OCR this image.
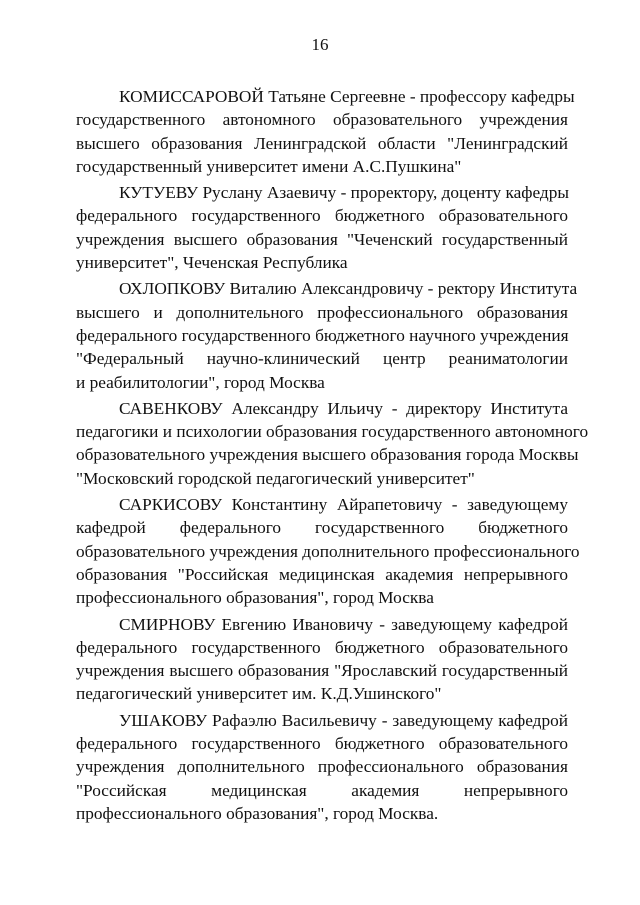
16
КОМИССАРОВОЙ Татьяне Сергеевне - профессору кафедры
государственного автономного образовательного учреждения
высшего образования Ленинградской области "Ленинградский
государственный университет имени А.С.Пушкина"
КУТУЕВУ Руслану Азаевичу - проректору, доценту кафедры
федерального государственного бюджетного образовательного
учреждения высшего образования "Чеченский государственный
университет", Чеченская Республика
ОХЛОПКОВУ Виталию Александровичу - ректору Института
высшего и дополнительного профессионального образования
федерального государственного бюджетного научного учреждения
"Федеральный научно-клинический центр реаниматологии
и реабилитологии", город Москва
САВЕНКОВУ Александру Ильичу - директору Института
педагогики и психологии образования государственного автономного
образовательного учреждения высшего образования города Москвы
"Московский городской педагогический университет"
САРКИСОВУ Константину Айрапетовичу - заведующему
кафедрой федерального государственного бюджетного
образовательного учреждения дополнительного профессионального
образования "Российская медицинская академия непрерывного
профессионального образования", город Москва
СМИРНОВУ Евгению Ивановичу - заведующему кафедрой
федерального государственного бюджетного образовательного
учреждения высшего образования "Ярославский государственный
педагогический университет им. К.Д.Ушинского"
УШАКОВУ Рафаэлю Васильевичу - заведующему кафедрой
федерального государственного бюджетного образовательного
учреждения дополнительного профессионального образования
"Российская медицинская академия непрерывного
профессионального образования", город Москва.
